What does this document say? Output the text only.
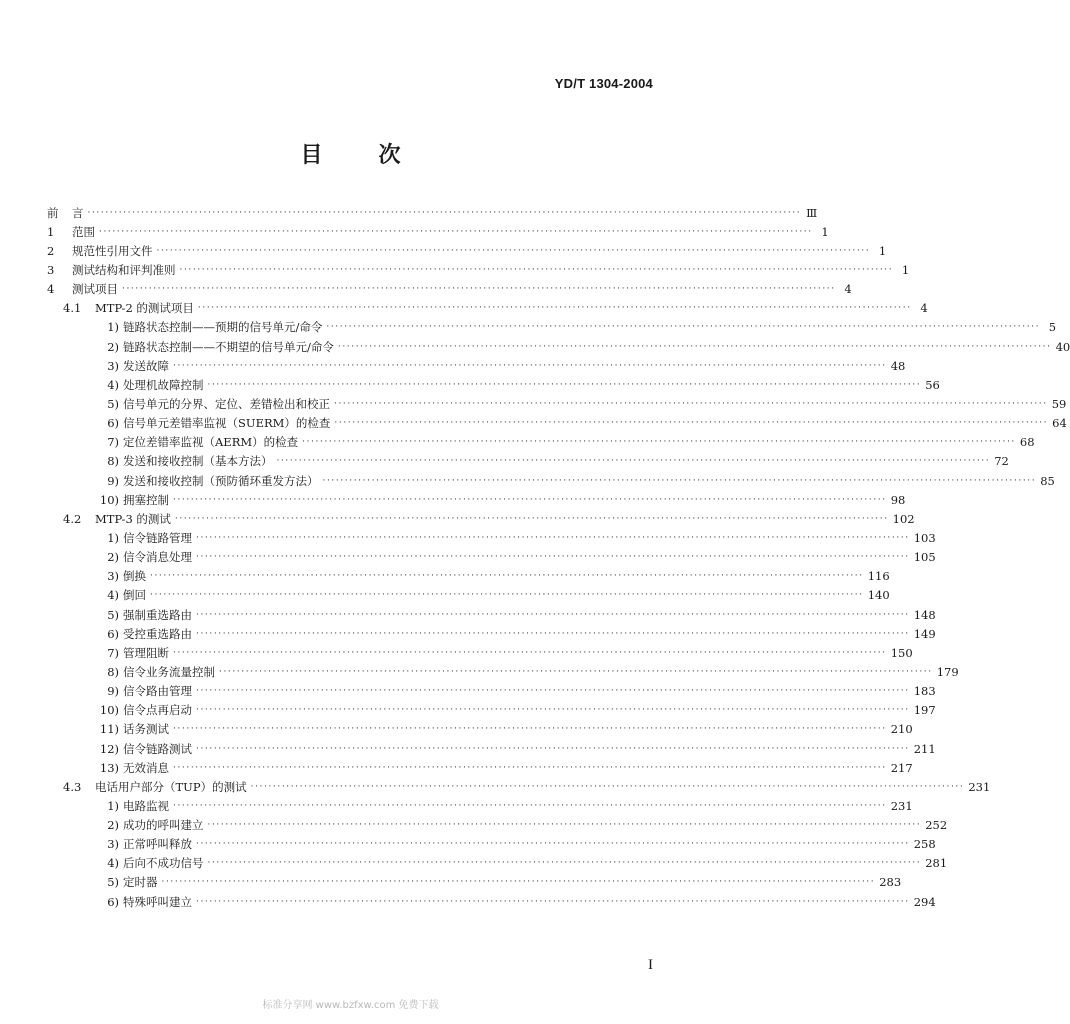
YD/T 1304-2004
目	次
前	言 ································································································································································ Ⅲ
1	范围 ································································································································································ 1
2	规范性引用文件 ································································································································································ 1
3	测试结构和评判准则 ································································································································································ 1
4	测试项目 ································································································································································ 4
4.1	MTP-2 的测试项目 ································································································································································ 4
1) 链路状态控制——预期的信号单元/命令 ································································································································································ 5
2) 链路状态控制——不期望的信号单元/命令 ································································································································································ 40
3) 发送故障 ································································································································································ 48
4) 处理机故障控制 ································································································································································ 56
5) 信号单元的分界、定位、差错检出和校正 ································································································································································ 59
6) 信号单元差错率监视（SUERM）的检查 ································································································································································ 64
7) 定位差错率监视（AERM）的检查 ································································································································································ 68
8) 发送和接收控制（基本方法） ································································································································································ 72
9) 发送和接收控制（预防循环重发方法） ································································································································································ 85
10) 拥塞控制 ································································································································································ 98
4.2	MTP-3 的测试 ································································································································································ 102
1) 信令链路管理 ································································································································································ 103
2) 信令消息处理 ································································································································································ 105
3) 倒换 ································································································································································ 116
4) 倒回 ································································································································································ 140
5) 强制重选路由 ································································································································································ 148
6) 受控重选路由 ································································································································································ 149
7) 管理阻断 ································································································································································ 150
8) 信令业务流量控制 ································································································································································ 179
9) 信令路由管理 ································································································································································ 183
10) 信令点再启动 ································································································································································ 197
11) 话务测试 ································································································································································ 210
12) 信令链路测试 ································································································································································ 211
13) 无效消息 ································································································································································ 217
4.3	电话用户部分（TUP）的测试 ································································································································································ 231
1) 电路监视 ································································································································································ 231
2) 成功的呼叫建立 ································································································································································ 252
3) 正常呼叫释放 ································································································································································ 258
4) 后向不成功信号 ································································································································································ 281
5) 定时器 ································································································································································ 283
6) 特殊呼叫建立 ································································································································································ 294
I
标准分享网 www.bzfxw.com 免费下载
